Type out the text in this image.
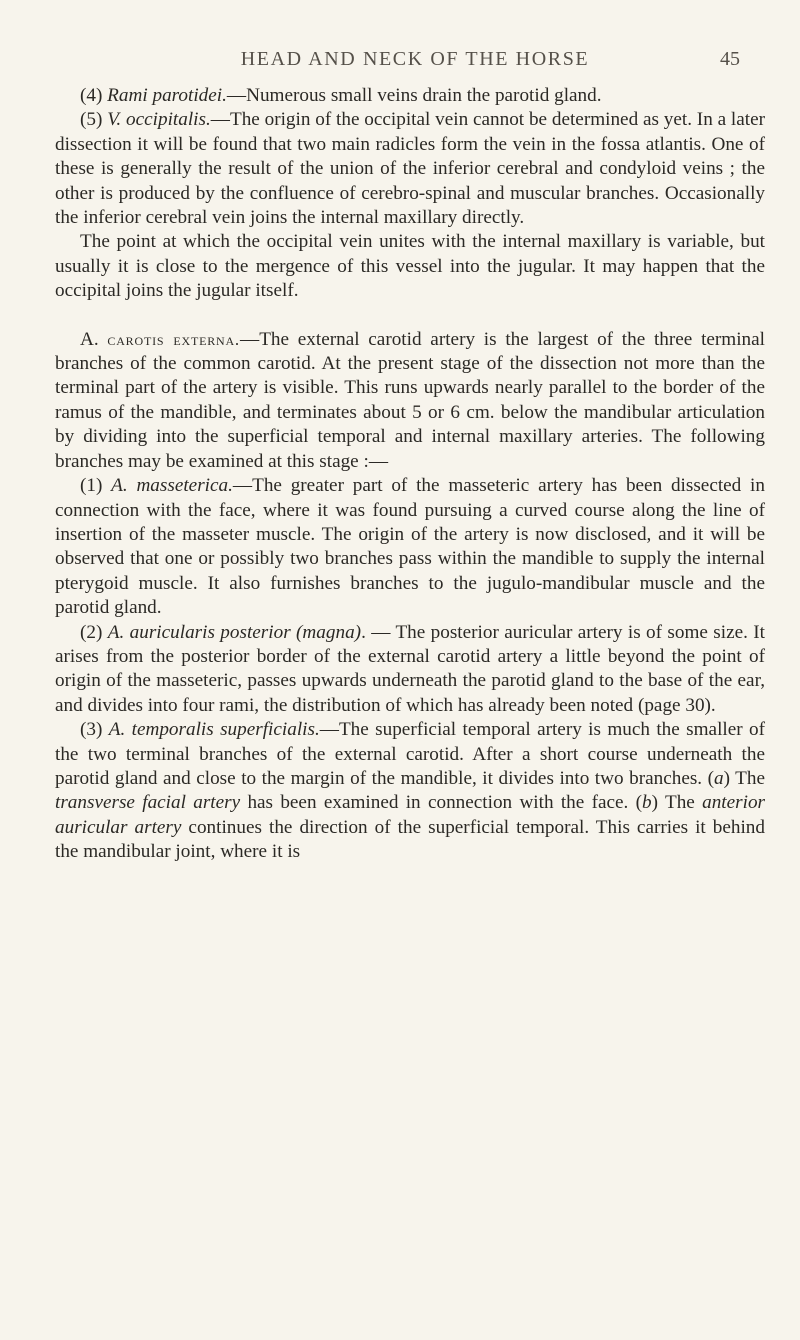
HEAD AND NECK OF THE HORSE	45

(4) Rami parotidei.—Numerous small veins drain the parotid gland.

(5) V. occipitalis.—The origin of the occipital vein cannot be determined as yet. In a later dissection it will be found that two main radicles form the vein in the fossa atlantis. One of these is generally the result of the union of the inferior cerebral and condyloid veins ; the other is produced by the confluence of cerebro-spinal and muscular branches. Occasionally the inferior cerebral vein joins the internal maxillary directly.

The point at which the occipital vein unites with the internal maxillary is variable, but usually it is close to the mergence of this vessel into the jugular. It may happen that the occipital joins the jugular itself.

A. carotis externa.—The external carotid artery is the largest of the three terminal branches of the common carotid. At the present stage of the dissection not more than the terminal part of the artery is visible. This runs upwards nearly parallel to the border of the ramus of the mandible, and terminates about 5 or 6 cm. below the mandibular articulation by dividing into the superficial temporal and internal maxillary arteries. The following branches may be examined at this stage :—

(1) A. masseterica.—The greater part of the masseteric artery has been dissected in connection with the face, where it was found pursuing a curved course along the line of insertion of the masseter muscle. The origin of the artery is now disclosed, and it will be observed that one or possibly two branches pass within the mandible to supply the internal pterygoid muscle. It also furnishes branches to the jugulo-mandibular muscle and the parotid gland.

(2) A. auricularis posterior (magna). — The posterior auricular artery is of some size. It arises from the posterior border of the external carotid artery a little beyond the point of origin of the masseteric, passes upwards underneath the parotid gland to the base of the ear, and divides into four rami, the distribution of which has already been noted (page 30).

(3) A. temporalis superficialis.—The superficial temporal artery is much the smaller of the two terminal branches of the external carotid. After a short course underneath the parotid gland and close to the margin of the mandible, it divides into two branches. (a) The transverse facial artery has been examined in connection with the face. (b) The anterior auricular artery continues the direction of the superficial temporal. This carries it behind the mandibular joint, where it is
